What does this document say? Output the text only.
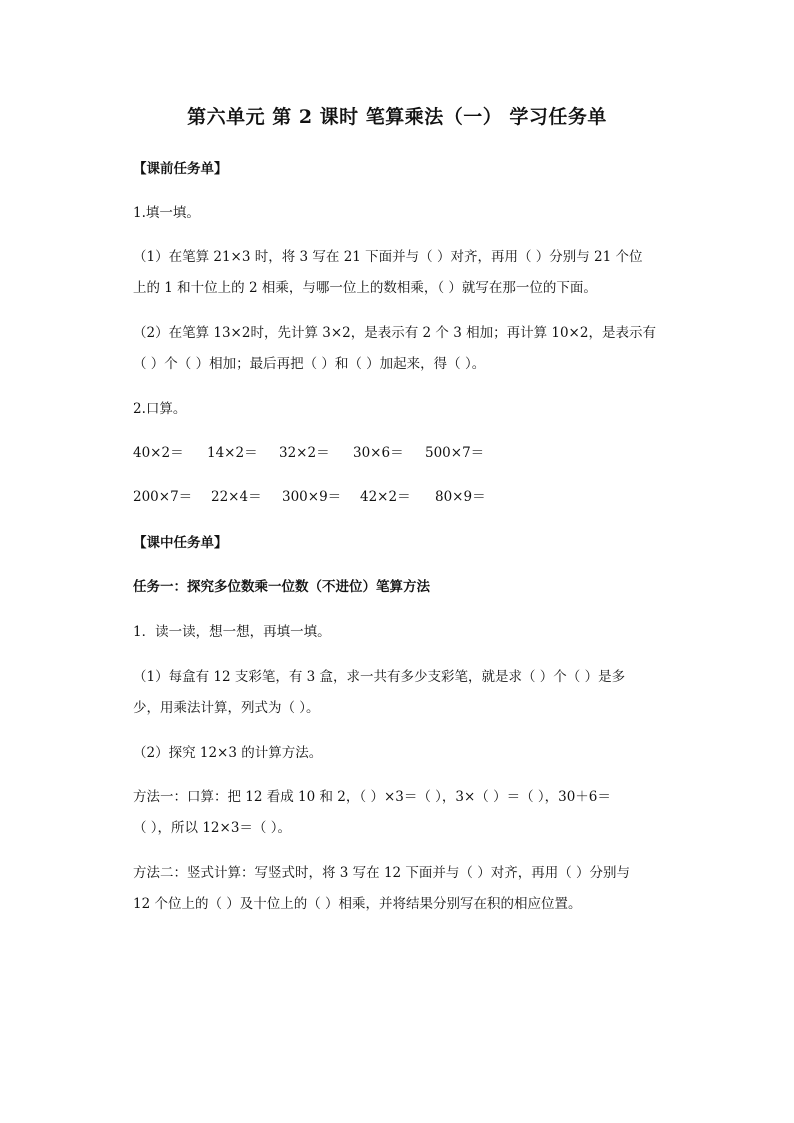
第六单元 第 2 课时 笔算乘法（一） 学习任务单
【课前任务单】
1.填一填。
（1）在笔算 21×3 时，将 3 写在 21 下面并与（ ）对齐，再用（ ）分别与 21 个位
上的 1 和十位上的 2 相乘，与哪一位上的数相乘，（ ）就写在那一位的下面。
（2）在笔算 13×2时，先计算 3×2，是表示有 2 个 3 相加；再计算 10×2，是表示有
（ ）个（ ）相加；最后再把（ ）和（ ）加起来，得（ ）。
2.口算。
40×2＝ 14×2＝ 32×2＝ 30×6＝ 500×7＝
200×7＝ 22×4＝ 300×9＝ 42×2＝ 80×9＝
【课中任务单】
任务一：探究多位数乘一位数（不进位）笔算方法
1．读一读，想一想，再填一填。
（1）每盒有 12 支彩笔，有 3 盒，求一共有多少支彩笔，就是求（ ）个（ ）是多
少，用乘法计算，列式为（ ）。
（2）探究 12×3 的计算方法。
方法一：口算：把 12 看成 10 和 2，（ ）×3＝（ ），3×（ ）＝（ ），30＋6＝
（ ），所以 12×3＝（ ）。
方法二：竖式计算：写竖式时，将 3 写在 12 下面并与（ ）对齐，再用（ ）分别与
12 个位上的（ ）及十位上的（ ）相乘，并将结果分别写在积的相应位置。
